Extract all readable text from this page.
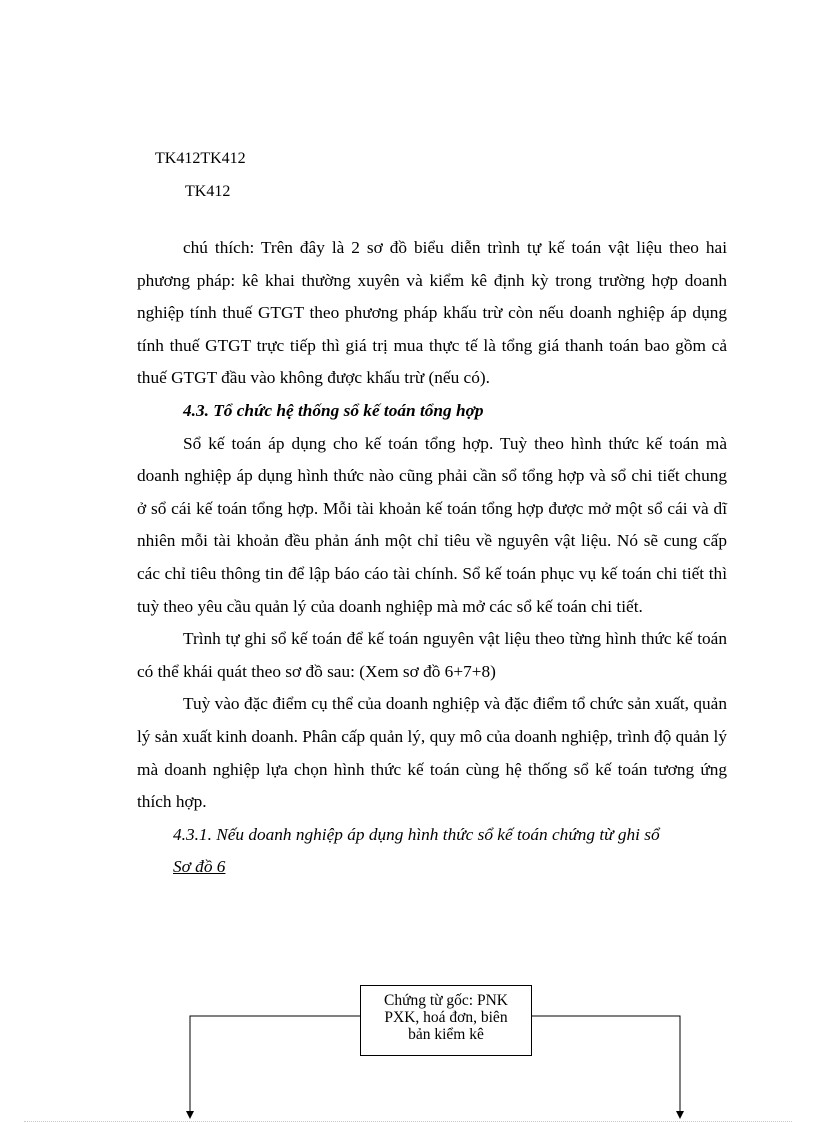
TK412TK412
TK412

chú thích: Trên đây là 2 sơ đồ biểu diễn trình tự kế toán vật liệu theo hai phương pháp: kê khai thường xuyên và kiểm kê định kỳ trong trường hợp doanh nghiệp tính thuế GTGT theo phương pháp khấu trừ còn nếu doanh nghiệp áp dụng tính thuế GTGT trực tiếp thì giá trị mua thực tế là tổng giá thanh toán bao gồm cả thuế GTGT đầu vào không được khấu trừ (nếu có).

4.3. Tổ chức hệ thống sổ kế toán tổng hợp

Sổ kế toán áp dụng cho kế toán tổng hợp. Tuỳ theo hình thức kế toán mà doanh nghiệp áp dụng hình thức nào cũng phải cần sổ tổng hợp và sổ chi tiết chung ở sổ cái kế toán tổng hợp. Mỗi tài khoản kế toán tổng hợp được mở một sổ cái và dĩ nhiên mỗi tài khoản đều phản ánh một chỉ tiêu về nguyên vật liệu. Nó sẽ cung cấp các chỉ tiêu thông tin để lập báo cáo tài chính. Sổ kế toán phục vụ kế toán chi tiết thì tuỳ theo yêu cầu quản lý của doanh nghiệp mà mở các sổ kế toán chi tiết.

Trình tự ghi sổ kế toán để kế toán nguyên vật liệu theo từng hình thức kế toán có thể khái quát theo sơ đồ sau: (Xem sơ đồ 6+7+8)

Tuỳ vào đặc điểm cụ thể của doanh nghiệp và đặc điểm tổ chức sản xuất, quản lý sản xuất kinh doanh. Phân cấp quản lý, quy mô của doanh nghiệp, trình độ quản lý mà doanh nghiệp lựa chọn hình thức kế toán cùng hệ thống sổ kế toán tương ứng thích hợp.

4.3.1. Nếu doanh nghiệp áp dụng hình thức sổ kế toán chứng từ ghi sổ

Sơ đồ 6

Chứng từ gốc: PNK
PXK, hoá đơn, biên
bản kiểm kê
